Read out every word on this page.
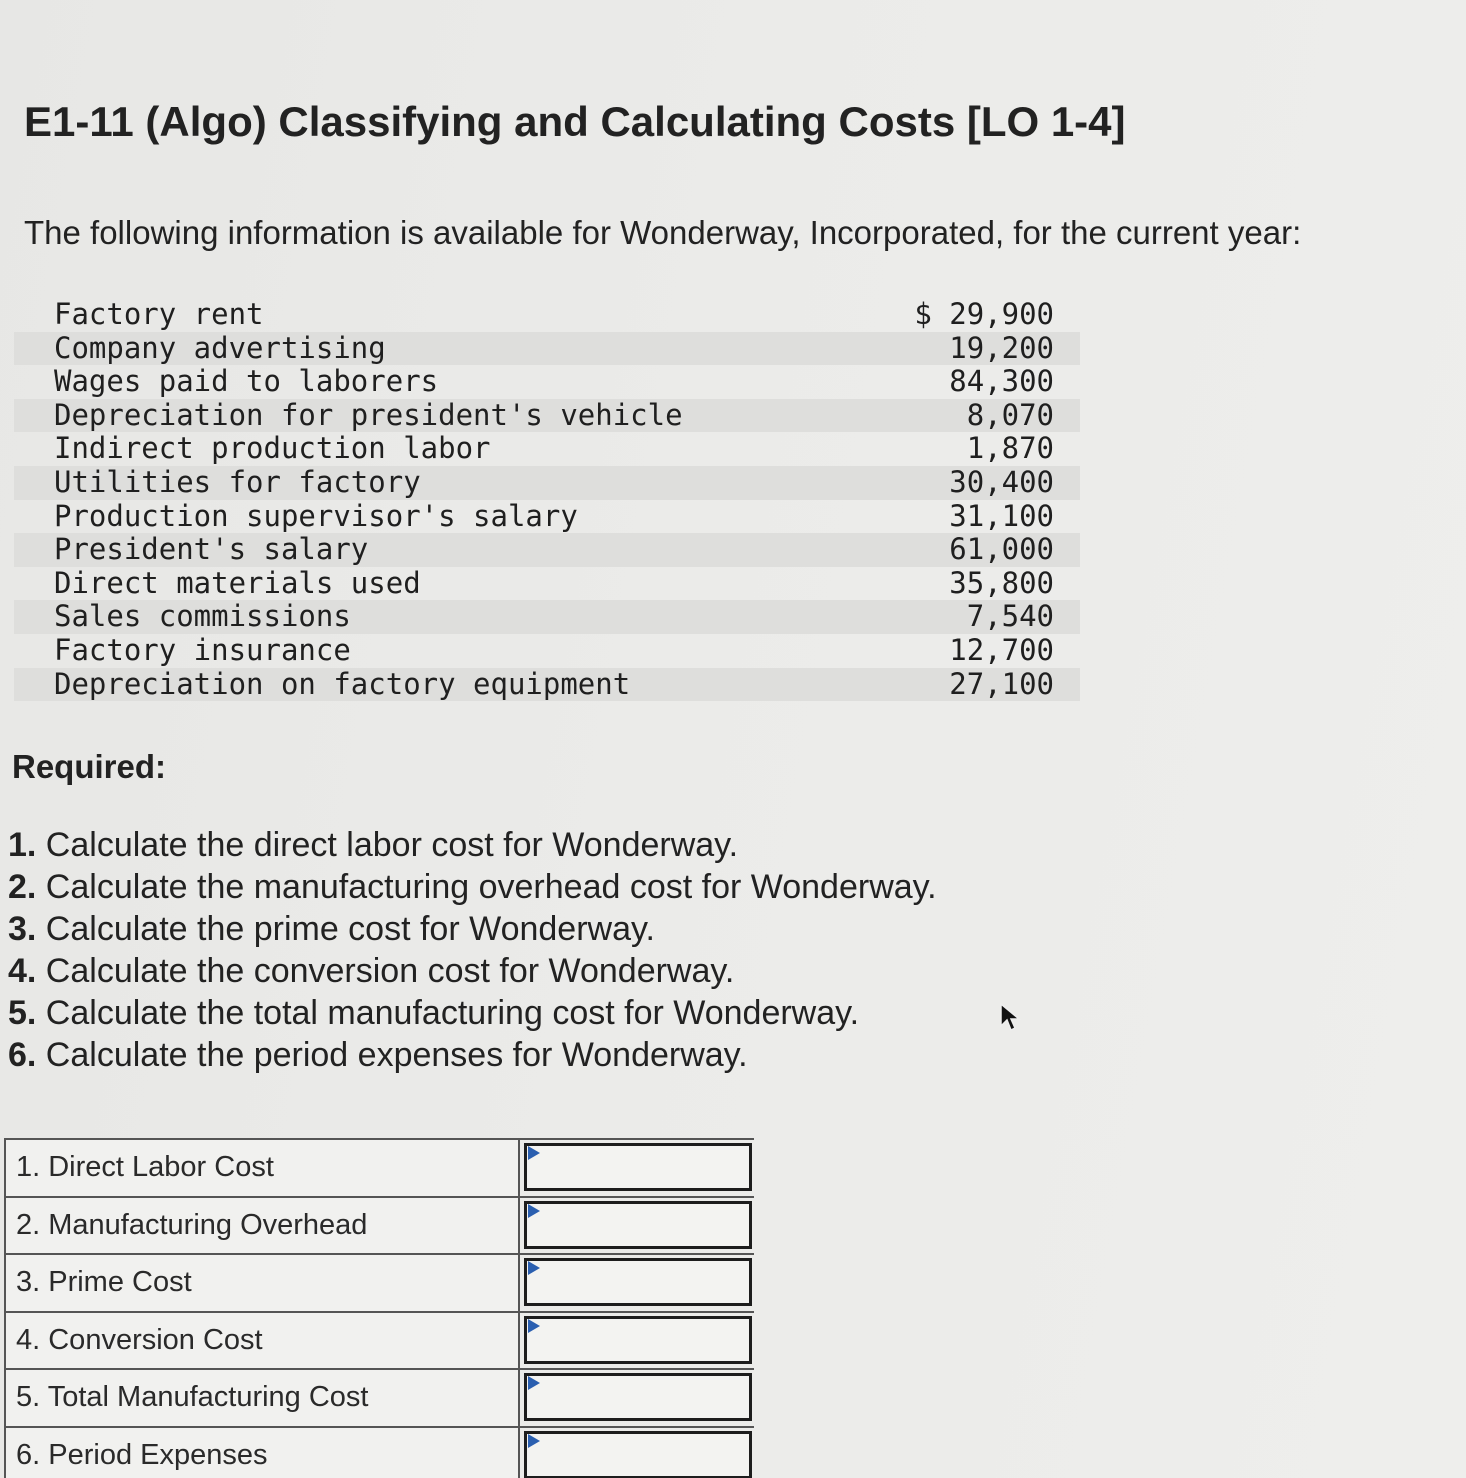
E1-11 (Algo) Classifying and Calculating Costs [LO 1-4]
The following information is available for Wonderway, Incorporated, for the current year:
Factory rent	$ 29,900
Company advertising	19,200
Wages paid to laborers	84,300
Depreciation for president's vehicle	8,070
Indirect production labor	1,870
Utilities for factory	30,400
Production supervisor's salary	31,100
President's salary	61,000
Direct materials used	35,800
Sales commissions	7,540
Factory insurance	12,700
Depreciation on factory equipment	27,100
Required:
1. Calculate the direct labor cost for Wonderway.
2. Calculate the manufacturing overhead cost for Wonderway.
3. Calculate the prime cost for Wonderway.
4. Calculate the conversion cost for Wonderway.
5. Calculate the total manufacturing cost for Wonderway.
6. Calculate the period expenses for Wonderway.
1. Direct Labor Cost
2. Manufacturing Overhead
3. Prime Cost
4. Conversion Cost
5. Total Manufacturing Cost
6. Period Expenses
